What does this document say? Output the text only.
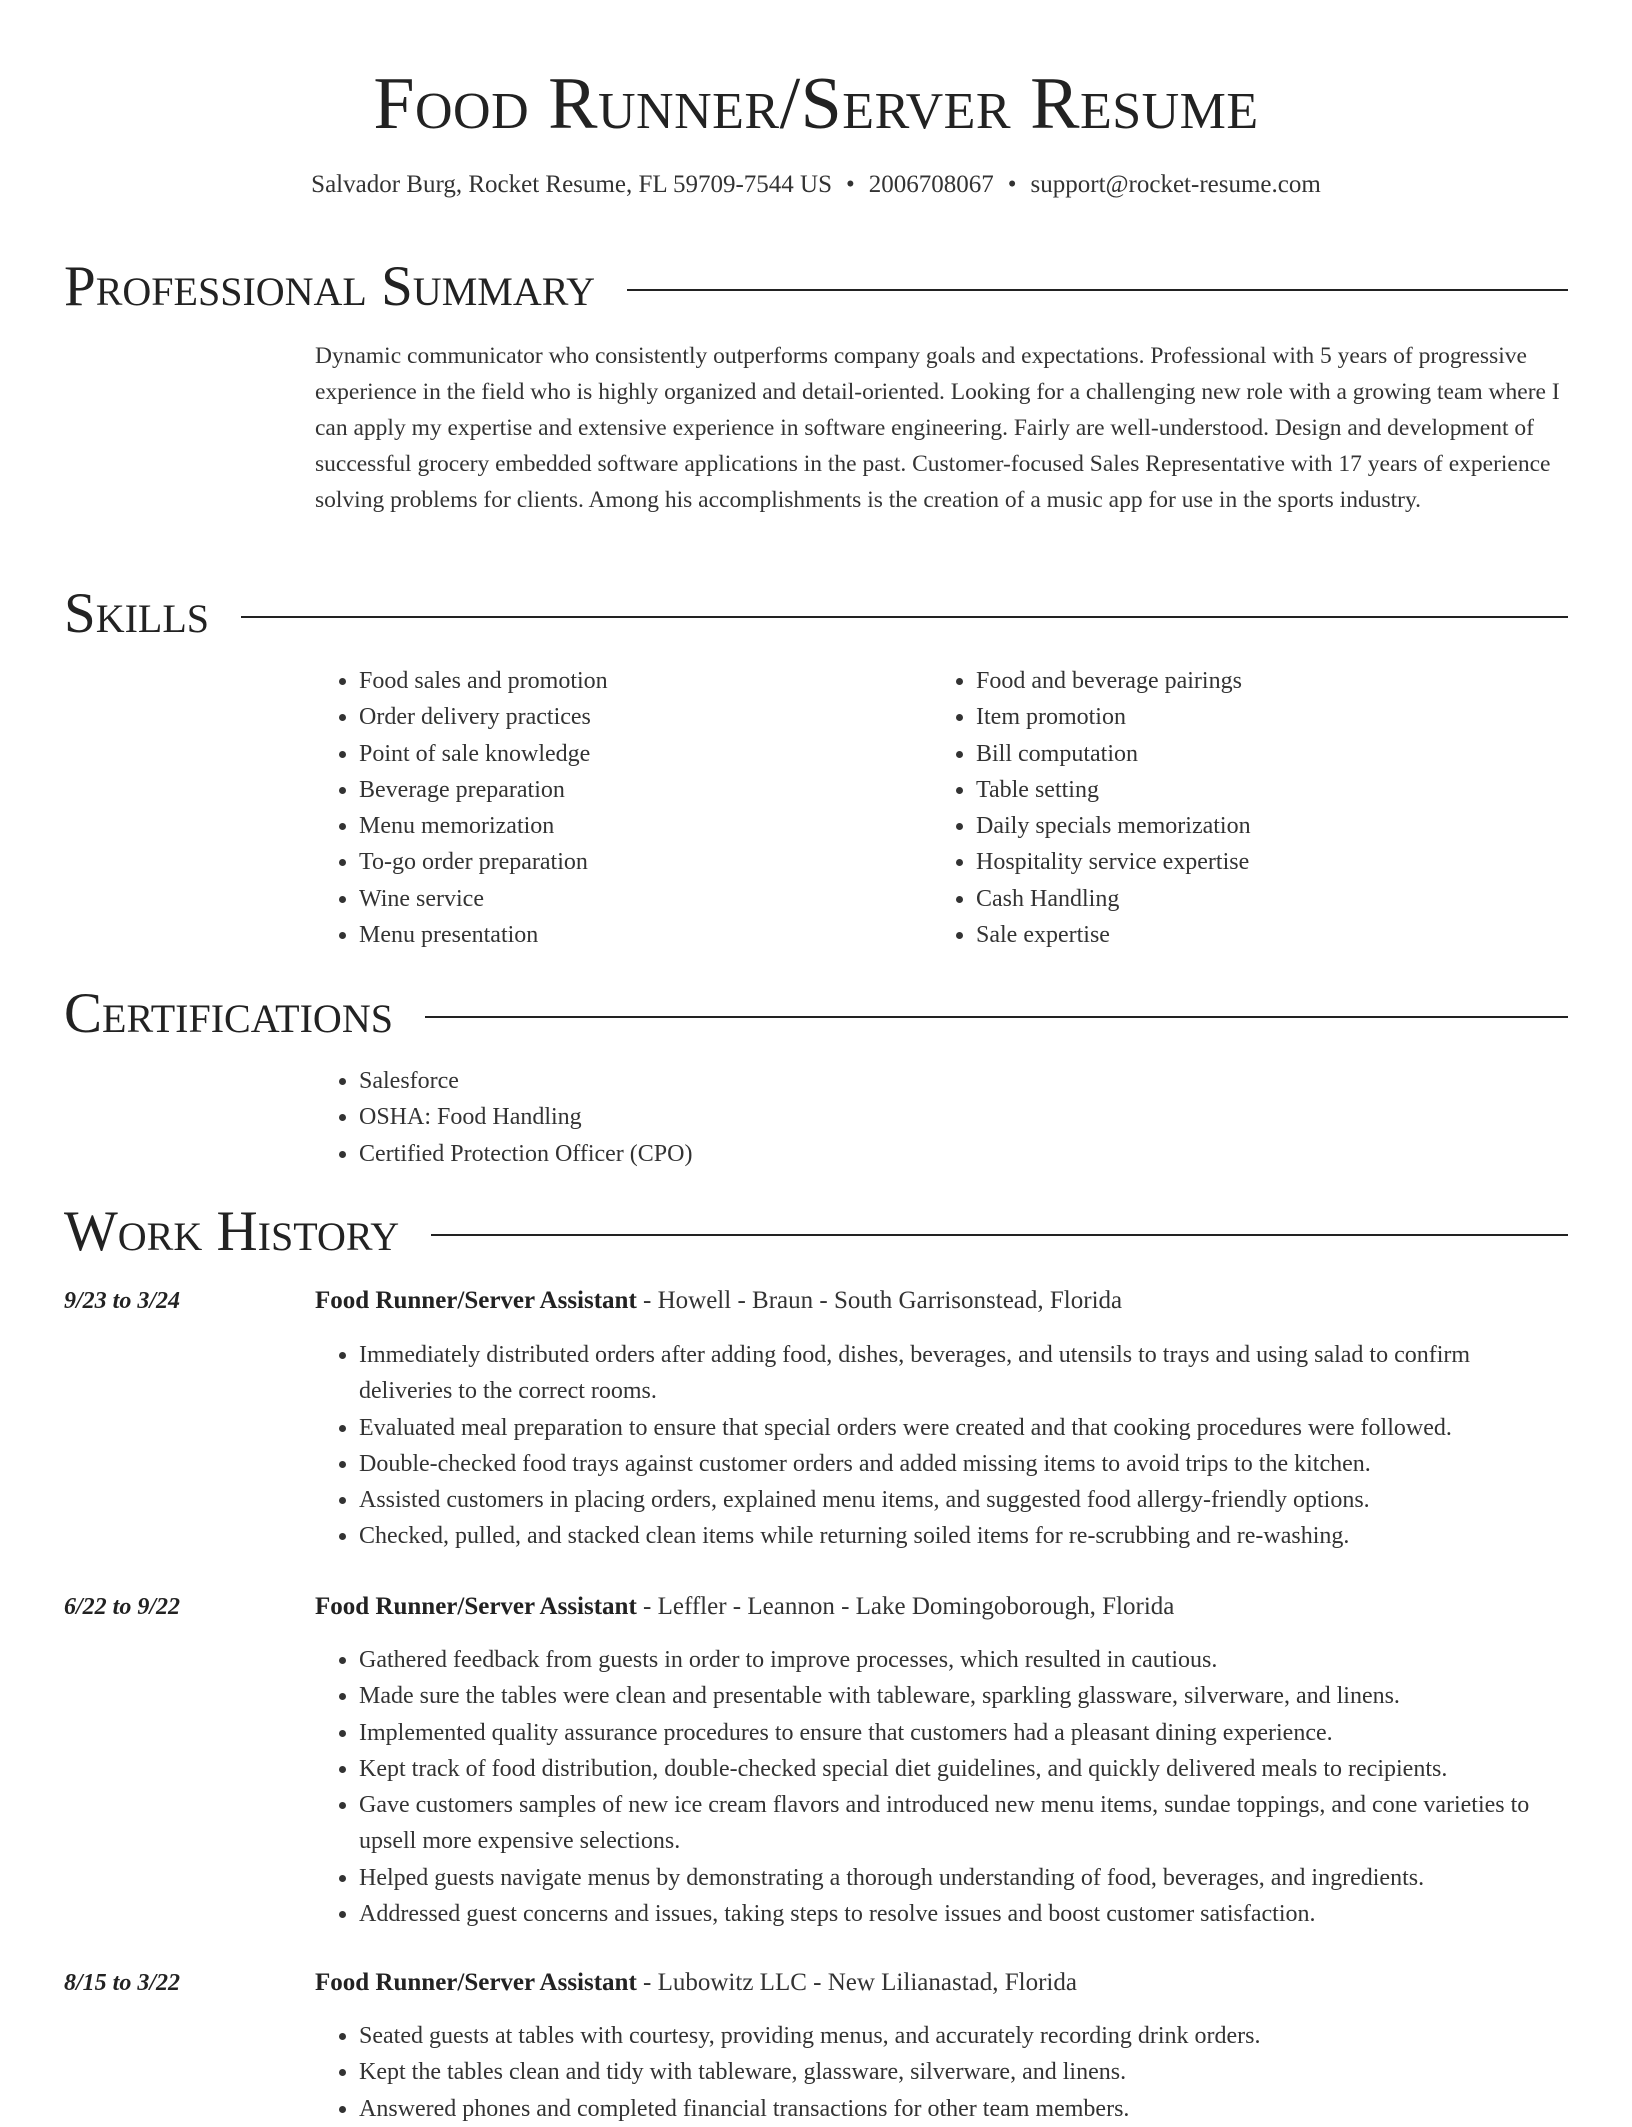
Food Runner/Server Resume
Salvador Burg, Rocket Resume, FL 59709-7544 US • 2006708067 • support@rocket-resume.com
Professional Summary
Dynamic communicator who consistently outperforms company goals and expectations. Professional with 5 years of progressive experience in the field who is highly organized and detail-oriented. Looking for a challenging new role with a growing team where I can apply my expertise and extensive experience in software engineering. Fairly are well-understood. Design and development of successful grocery embedded software applications in the past. Customer-focused Sales Representative with 17 years of experience solving problems for clients. Among his accomplishments is the creation of a music app for use in the sports industry.
Skills
• Food sales and promotion
• Order delivery practices
• Point of sale knowledge
• Beverage preparation
• Menu memorization
• To-go order preparation
• Wine service
• Menu presentation
• Food and beverage pairings
• Item promotion
• Bill computation
• Table setting
• Daily specials memorization
• Hospitality service expertise
• Cash Handling
• Sale expertise
Certifications
• Salesforce
• OSHA: Food Handling
• Certified Protection Officer (CPO)
Work History
9/23 to 3/24	Food Runner/Server Assistant - Howell - Braun - South Garrisonstead, Florida
• Immediately distributed orders after adding food, dishes, beverages, and utensils to trays and using salad to confirm deliveries to the correct rooms.
• Evaluated meal preparation to ensure that special orders were created and that cooking procedures were followed.
• Double-checked food trays against customer orders and added missing items to avoid trips to the kitchen.
• Assisted customers in placing orders, explained menu items, and suggested food allergy-friendly options.
• Checked, pulled, and stacked clean items while returning soiled items for re-scrubbing and re-washing.
6/22 to 9/22	Food Runner/Server Assistant - Leffler - Leannon - Lake Domingoborough, Florida
• Gathered feedback from guests in order to improve processes, which resulted in cautious.
• Made sure the tables were clean and presentable with tableware, sparkling glassware, silverware, and linens.
• Implemented quality assurance procedures to ensure that customers had a pleasant dining experience.
• Kept track of food distribution, double-checked special diet guidelines, and quickly delivered meals to recipients.
• Gave customers samples of new ice cream flavors and introduced new menu items, sundae toppings, and cone varieties to upsell more expensive selections.
• Helped guests navigate menus by demonstrating a thorough understanding of food, beverages, and ingredients.
• Addressed guest concerns and issues, taking steps to resolve issues and boost customer satisfaction.
8/15 to 3/22	Food Runner/Server Assistant - Lubowitz LLC - New Lilianastad, Florida
• Seated guests at tables with courtesy, providing menus, and accurately recording drink orders.
• Kept the tables clean and tidy with tableware, glassware, silverware, and linens.
• Answered phones and completed financial transactions for other team members.
